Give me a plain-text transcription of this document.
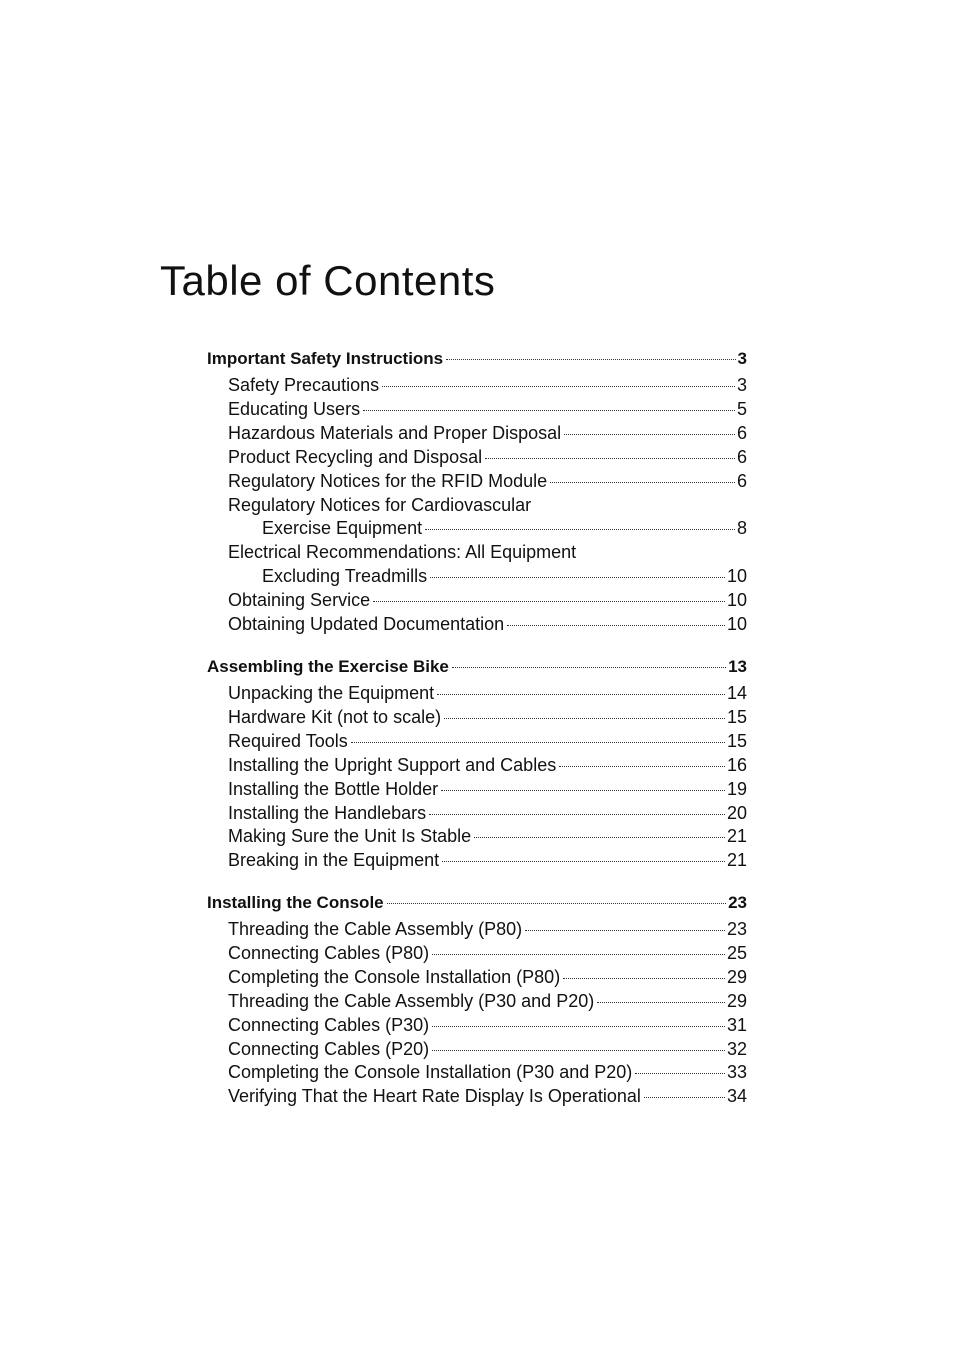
Table of Contents
Important Safety Instructions	3
Safety Precautions	3
Educating Users	5
Hazardous Materials and Proper Disposal	6
Product Recycling and Disposal	6
Regulatory Notices for the RFID Module	6
Regulatory Notices for Cardiovascular
Exercise Equipment	8
Electrical Recommendations: All Equipment
Excluding Treadmills	10
Obtaining Service	10
Obtaining Updated Documentation	10
Assembling the Exercise Bike	13
Unpacking the Equipment	14
Hardware Kit (not to scale)	15
Required Tools	15
Installing the Upright Support and Cables	16
Installing the Bottle Holder	19
Installing the Handlebars	20
Making Sure the Unit Is Stable	21
Breaking in the Equipment	21
Installing the Console	23
Threading the Cable Assembly (P80)	23
Connecting Cables (P80)	25
Completing the Console Installation (P80)	29
Threading the Cable Assembly (P30 and P20)	29
Connecting Cables (P30)	31
Connecting Cables (P20)	32
Completing the Console Installation (P30 and P20)	33
Verifying That the Heart Rate Display Is Operational	34
